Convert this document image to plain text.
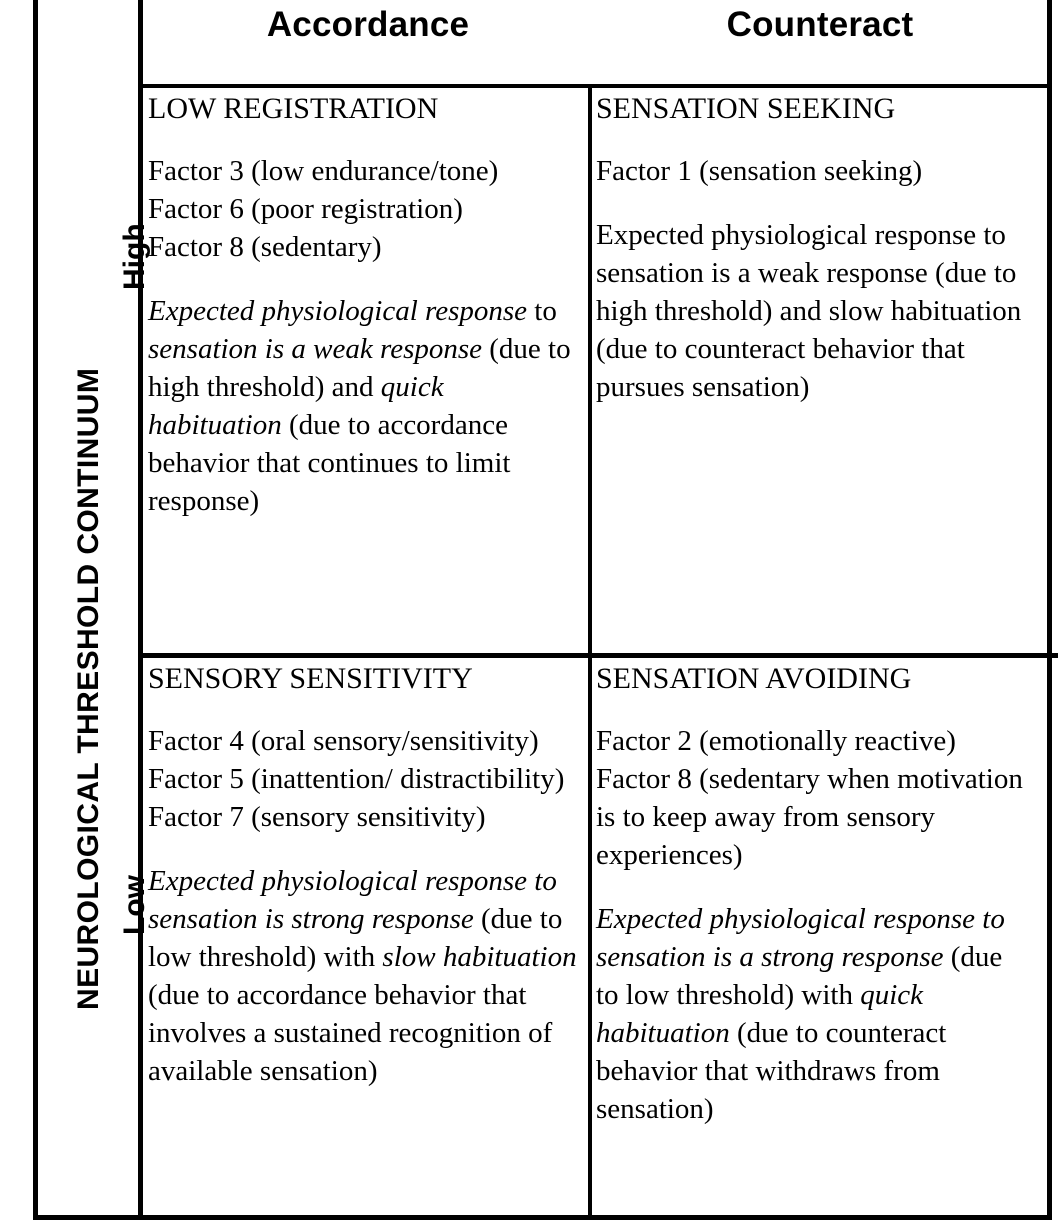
Accordance	Counteract
NEUROLOGICAL THRESHOLD CONTINUUM
High
Low
LOW REGISTRATION
Factor 3 (low endurance/tone)
Factor 6 (poor registration)
Factor 8 (sedentary)

Expected physiological response to sensation is a weak response (due to high threshold) and quick habituation (due to accordance behavior that continues to limit response)

SENSATION SEEKING
Factor 1 (sensation seeking)

Expected physiological response to sensation is a weak response (due to high threshold) and slow habituation (due to counteract behavior that pursues sensation)

SENSORY SENSITIVITY
Factor 4 (oral sensory/sensitivity)
Factor 5 (inattention/ distractibility)
Factor 7 (sensory sensitivity)

Expected physiological response to sensation is strong response (due to low threshold) with slow habituation (due to accordance behavior that involves a sustained recognition of available sensation)

SENSATION AVOIDING
Factor 2 (emotionally reactive)
Factor 8 (sedentary when motivation is to keep away from sensory experiences)

Expected physiological response to sensation is a strong response (due to low threshold) with quick habituation (due to counteract behavior that withdraws from sensation)
